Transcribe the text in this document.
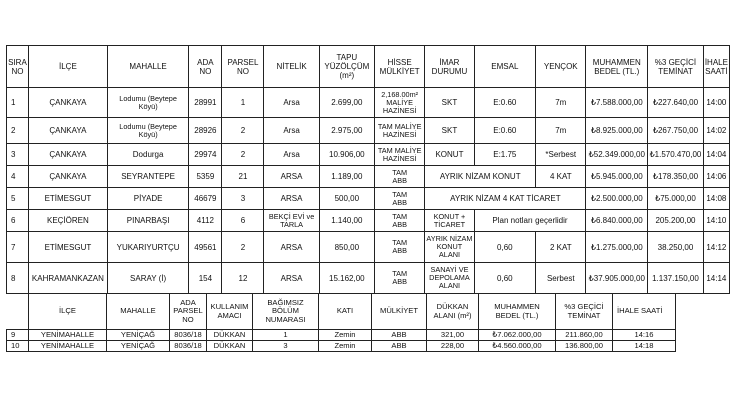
SIRA
NO	İLÇE	MAHALLE	ADA NO	PARSEL
NO	NİTELİK	TAPU
YÜZÖLÇÜM
(m²)	HİSSE
MÜLKİYET	İMAR
DURUMU	EMSAL	YENÇOK	MUHAMMEN
BEDEL (TL.)	%3 GEÇİCİ
TEMİNAT	İHALE
SAATİ
1	ÇANKAYA	Lodumu (Beytepe
Köyü)	28991	1	Arsa	2.699,00	2,168.00m²
MALİYE
HAZİNESİ	SKT	E:0.60	7m	₺7.588.000,00	₺227.640,00	14:00
2	ÇANKAYA	Lodumu (Beytepe
Köyü)	28926	2	Arsa	2.975,00	TAM MALİYE
HAZİNESİ	SKT	E:0.60	7m	₺8.925.000,00	₺267.750,00	14:02
3	ÇANKAYA	Dodurga	29974	2	Arsa	10.906,00	TAM MALİYE
HAZİNESİ	KONUT	E:1.75	*Serbest	₺52.349.000,00	₺1.570.470,00	14:04
4	ÇANKAYA	SEYRANTEPE	5359	21	ARSA	1.189,00	TAM
ABB	AYRIK NİZAM KONUT		4 KAT	₺5.945.000,00	₺178.350,00	14:06
5	ETİMESGUT	PİYADE	46679	3	ARSA	500,00	TAM
ABB	AYRIK NİZAM 4 KAT TİCARET			₺2.500.000,00	₺75.000,00	14:08
6	KEÇİÖREN	PINARBAŞI	4112	6	BEKÇİ EVİ ve
TARLA	1.140,00	TAM
ABB	KONUT +
TİCARET	Plan notları geçerlidir		₺6.840.000,00	205.200,00	14:10
7	ETİMESGUT	YUKARIYURTÇU	49561	2	ARSA	850,00	TAM
ABB	AYRIK NİZAM
KONUT
ALANI	0,60	2 KAT	₺1.275.000,00	38.250,00	14:12
8	KAHRAMANKAZAN	SARAY (İ)	154	12	ARSA	15.162,00	TAM
ABB	SANAYİ VE
DEPOLAMA
ALANI	0,60	Serbest	₺37.905.000,00	1.137.150,00	14:14
	İLÇE	MAHALLE	ADA
PARSEL
NO	KULLANIM
AMACI	BAĞIMSIZ
BÖLÜM
NUMARASI	KATI	MÜLKİYET	DÜKKAN
ALANI (m²)	MUHAMMEN
BEDEL (TL.)	%3 GEÇİCİ
TEMİNAT	İHALE SAATİ
9	YENİMAHALLE	YENİÇAĞ	8036/18	DÜKKAN	1	Zemin	ABB	321,00	₺7.062.000,00	211.860,00	14:16
10	YENİMAHALLE	YENİÇAĞ	8036/18	DÜKKAN	3	Zemin	ABB	228,00	₺4.560.000,00	136.800,00	14:18
